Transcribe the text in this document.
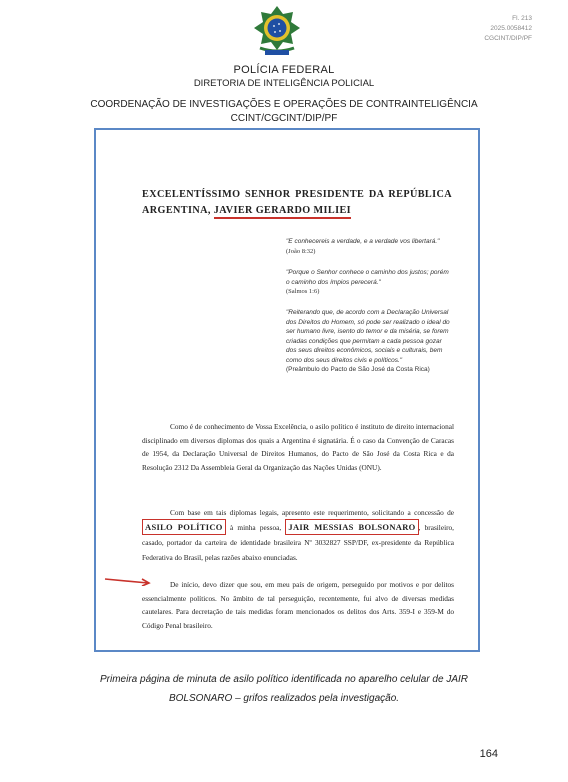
Fl. 213
2025.0058412
CGCINT/DIP/PF
POLÍCIA FEDERAL
DIRETORIA DE INTELIGÊNCIA POLICIAL
COORDENAÇÃO DE INVESTIGAÇÕES E OPERAÇÕES DE CONTRAINTELIGÊNCIA
CCINT/CGCINT/DIP/PF
EXCELENTÍSSIMO SENHOR PRESIDENTE DA REPÚBLICA
ARGENTINA, JAVIER GERARDO MILIEI
"E conhecereis a verdade, e a verdade vos libertará."
(João 8:32)
"Porque o Senhor conhece o caminho dos justos; porém o caminho dos ímpios perecerá."
(Salmos 1:6)
"Reiterando que, de acordo com a Declaração Universal dos Direitos do Homem, só pode ser realizado o ideal do ser humano livre, isento do temor e da miséria, se forem criadas condições que permitam a cada pessoa gozar dos seus direitos econômicos, sociais e culturais, bem como dos seus direitos civis e políticos."
(Preâmbulo do Pacto de São José da Costa Rica)
Como é de conhecimento de Vossa Excelência, o asilo político é instituto de direito internacional disciplinado em diversos diplomas dos quais a Argentina é signatária. É o caso da Convenção de Caracas de 1954, da Declaração Universal de Direitos Humanos, do Pacto de São José da Costa Rica e da Resolução 2312 Da Assembleia Geral da Organização das Nações Unidas (ONU).
Com base em tais diplomas legais, apresento este requerimento, solicitando a concessão de ASILO POLÍTICO à minha pessoa, JAIR MESSIAS BOLSONARO , brasileiro, casado, portador da carteira de identidade brasileira Nº 3032827 SSP/DF, ex-presidente da República Federativa do Brasil, pelas razões abaixo enunciadas.
De início, devo dizer que sou, em meu país de origem, perseguido por motivos e por delitos essencialmente políticos. No âmbito de tal perseguição, recentemente, fui alvo de diversas medidas cautelares. Para decretação de tais medidas foram mencionados os delitos dos Arts. 359-I e 359-M do Código Penal brasileiro.
Primeira página de minuta de asilo político identificada no aparelho celular de JAIR
BOLSONARO – grifos realizados pela investigação.
164
